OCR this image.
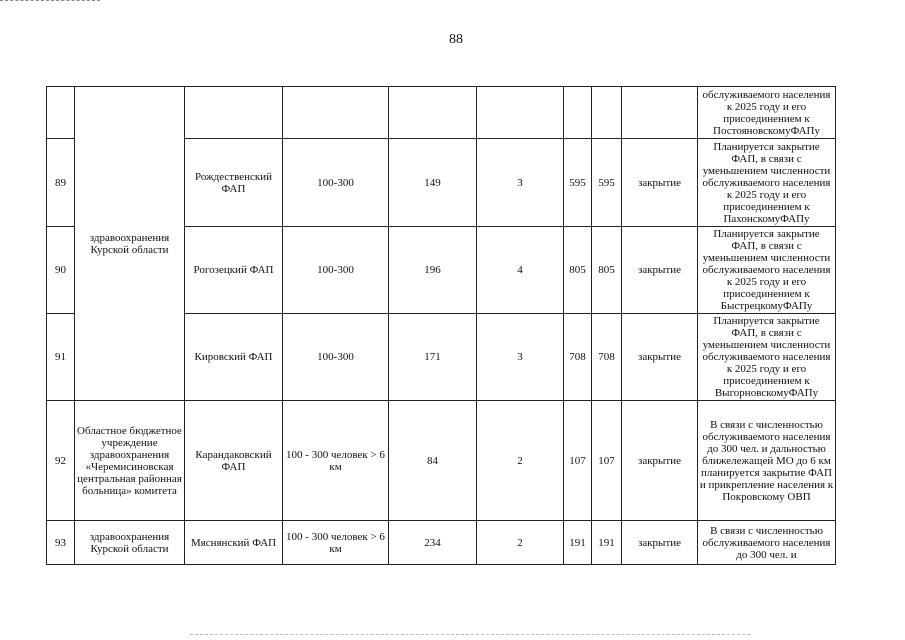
88
	здравоохранения Курской области								обслуживаемого населения к 2025 году и его присоединением к ПостояновскомуФАПу
89		Рождественский ФАП	100-300	149	3	595	595	закрытие	Планируется закрытие ФАП, в связи с уменьшением численности обслуживаемого населения к 2025 году и его присоединением к ПахонскомуФАПу
90		Рогозецкий ФАП	100-300	196	4	805	805	закрытие	Планируется закрытие ФАП, в связи с уменьшением численности обслуживаемого населения к 2025 году и его присоединением к БыстрецкомуФАПу
91		Кировский ФАП	100-300	171	3	708	708	закрытие	Планируется закрытие ФАП, в связи с уменьшением численности обслуживаемого населения к 2025 году и его присоединением к ВыгорновскомуФАПу
92	Областное бюджетное учреждение здравоохранения «Черемисиновская центральная районная больница» комитета	Карандаковский ФАП	100 - 300 человек > 6 км	84	2	107	107	закрытие	В связи с численностью обслуживаемого населения до 300 чел. и дальностью ближележащей МО до 6 км планируется закрытие ФАП и прикрепление населения к Покровскому ОВП
93	здравоохранения Курской области	Мяснянский ФАП	100 - 300 человек > 6 км	234	2	191	191	закрытие	В связи с численностью обслуживаемого населения до 300 чел. и
